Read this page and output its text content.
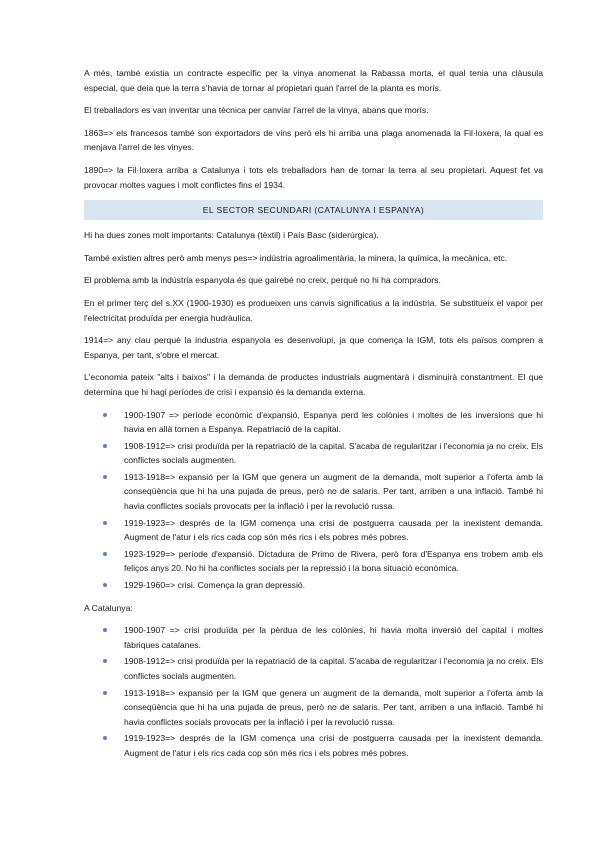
A més, també existia un contracte específic per la vinya anomenat la Rabassa morta, el qual tenia una clàusula especial, que deia que la terra s'havia de tornar al propietari quan l'arrel de la planta es morís.

El treballadors es van inventar una tècnica per canviar l'arrel de la vinya, abans que morís.

1863=> els francesos també son exportadors de vins però els hi arriba una plaga anomenada la Fil·loxera, la qual es menjava l'arrel de les vinyes.

1890=> la Fil·loxera arriba a Catalunya i tots els treballadors han de tornar la terra al seu propietari. Aquest fet va provocar moltes vagues i molt conflictes fins el 1934.

EL SECTOR SECUNDARI (CATALUNYA I ESPANYA)

Hi ha dues zones molt importants: Catalunya (tèxtil) i País Basc (siderúrgica).

També existien altres però amb menys pes=> indústria agroalimentària, la minera, la química, la mecànica, etc.

El problema amb la indústria espanyola és que gairebé no creix, perquè no hi ha compradors.

En el primer terç del s.XX (1900-1930) es produeixen uns canvis significatius a la indústria. Se substitueix el vapor per l'electricitat produïda per energia hudràulica.

1914=> any clau perquè la industria espanyola es desenvolupi, ja que comença la IGM, tots els països compren a Espanya, per tant, s'obre el mercat.

L'economia pateix "alts i baixos" i la demanda de productes industrials augmentarà i disminuirà constantment. El que determina que hi hagi períodes de crisi i expansió és la demanda externa.

1900-1907 => període econòmic d'expansió, Espanya perd les colònies i moltes de les inversions que hi havia en allà tornen a Espanya. Repatriació de la capital.
1908-1912=> crisi produïda per la repatriació de la capital. S'acaba de regularitzar i l'economia ja no creix. Els conflictes socials augmenten.
1913-1918=> expansió per la IGM que genera un augment de la demanda, molt superior a l'oferta amb la conseqüència que hi ha una pujada de preus, però no de salaris. Per tant, arriben a una inflació. També hi havia conflictes socials provocats per la inflació i per la revolució russa.
1919-1923=> després de la IGM comença una crisi de postguerra causada per la inexistent demanda. Augment de l'atur i els rics cada cop són més rics i els pobres més pobres.
1923-1929=> període d'expansió. Dictadura de Primo de Rivera, però fora d'Espanya ens trobem amb els feliços anys 20. No hi ha conflictes socials per la repressió i la bona situació econòmica.
1929-1960=> crisi. Comença la gran depressió.

A Catalunya:

1900-1907 => crisi produïda per la pèrdua de les colònies, hi havia molta inversió del capital i moltes fàbriques catalanes.
1908-1912=> crisi produïda per la repatriació de la capital. S'acaba de regularitzar i l'economia ja no creix. Els conflictes socials augmenten.
1913-1918=> expansió per la IGM que genera un augment de la demanda, molt superior a l'oferta amb la conseqüència que hi ha una pujada de preus, però no de salaris. Per tant, arriben a una inflació. També hi havia conflictes socials provocats per la inflació i per la revolució russa.
1919-1923=> després de la IGM comença una crisi de postguerra causada per la inexistent demanda. Augment de l'atur i els rics cada cop són més rics i els pobres més pobres.
